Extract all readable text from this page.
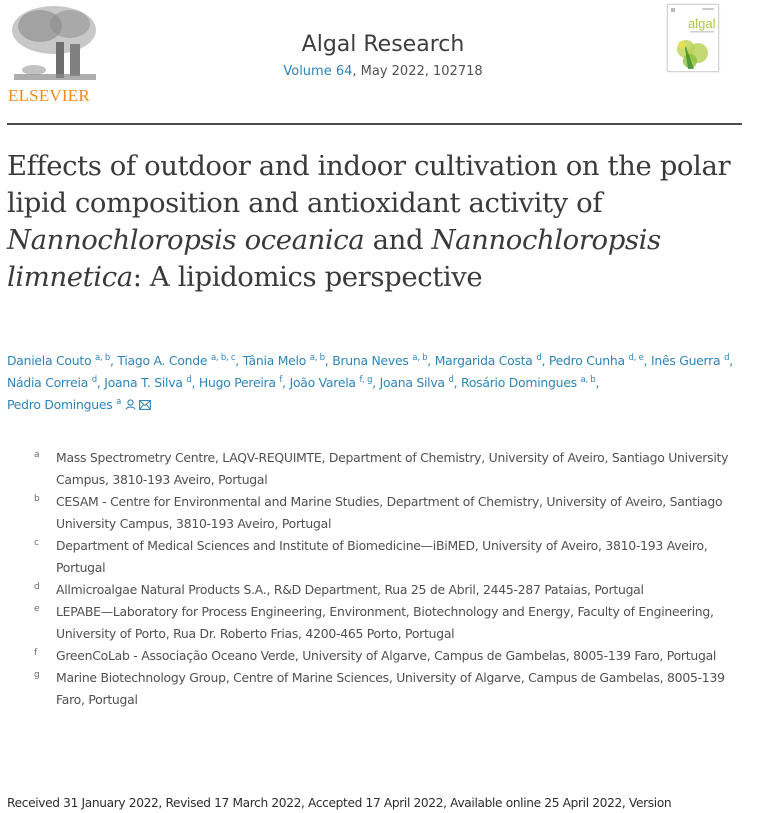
ELSEVIER
Algal Research
Volume 64, May 2022, 102718
algal
Effects of outdoor and indoor cultivation on the polar lipid composition and antioxidant activity of Nannochloropsis oceanica and Nannochloropsis limnetica: A lipidomics perspective
Daniela Couto $^{a, b}$, Tiago A. Conde $^{a, b, c}$, Tânia Melo $^{a, b}$, Bruna Neves $^{a, b}$, Margarida Costa $^d$, Pedro Cunha $^{d, e}$, Inês Guerra $^d$, Nádia Correia $^d$, Joana T. Silva $^d$, Hugo Pereira $^f$, João Varela $^{f, g}$, Joana Silva $^d$, Rosário Domingues $^{a, b}$,
Pedro Domingues $^a$
a Mass Spectrometry Centre, LAQV-REQUIMTE, Department of Chemistry, University of Aveiro, Santiago University Campus, 3810-193 Aveiro, Portugal
b CESAM - Centre for Environmental and Marine Studies, Department of Chemistry, University of Aveiro, Santiago University Campus, 3810-193 Aveiro, Portugal
c Department of Medical Sciences and Institute of Biomedicine—iBiMED, University of Aveiro, 3810-193 Aveiro, Portugal
d Allmicroalgae Natural Products S.A., R&D Department, Rua 25 de Abril, 2445-287 Pataias, Portugal
e LEPABE—Laboratory for Process Engineering, Environment, Biotechnology and Energy, Faculty of Engineering, University of Porto, Rua Dr. Roberto Frias, 4200-465 Porto, Portugal
f GreenCoLab - Associação Oceano Verde, University of Algarve, Campus de Gambelas, 8005-139 Faro, Portugal
g Marine Biotechnology Group, Centre of Marine Sciences, University of Algarve, Campus de Gambelas, 8005-139 Faro, Portugal
Received 31 January 2022, Revised 17 March 2022, Accepted 17 April 2022, Available online 25 April 2022, Version
